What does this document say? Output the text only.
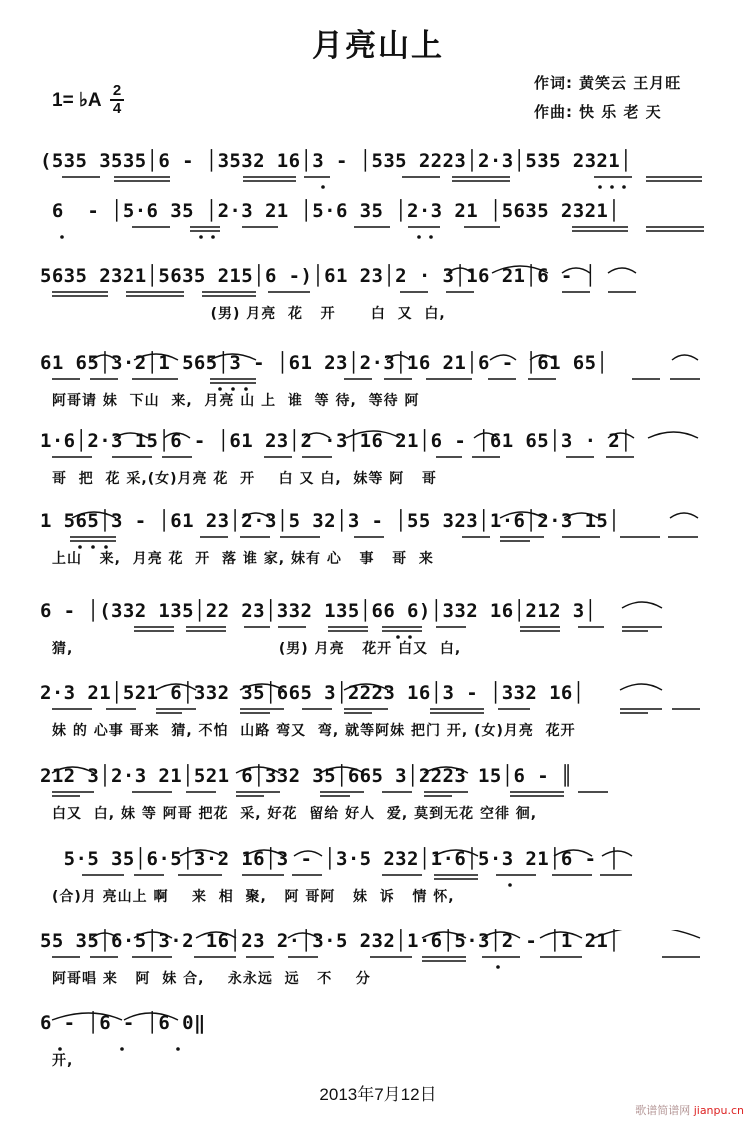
月亮山上
1= ♭A 2
4
作词: 黄笑云 王月旺
作曲: 快 乐 老 天
(535 3535│6 - │3532 16│3 - │535 2223│2·3│535 2321│
6  - │5·6 35 │2·3 21 │5·6 35 │2·3 21 │5635 2321│
5635 2321│5635 215│6 -)│61 23│2 · 3│16 21│6 - │
(男) 月亮  花   开      白  又  白,
61 65│3·2│1 565│3 - │61 23│2·3│16 21│6 - │61 65│
阿哥请 妹  下山  来,  月亮 山 上  谁  等 待,  等待 阿
1·6│2·3 15│6 - │61 23│2 ·3│16 21│6 - │61 65│3 · 2│
哥  把  花 采,(女)月亮 花  开    白 又 白,  妹等 阿   哥
1 565│3 - │61 23│2·3│5 32│3 - │55 323│1·6│2·3 15│
上山   来,  月亮 花  开  落 谁 家, 妹有 心   事   哥  来
6 - │(332 135│22 23│332 135│66 6)│332 16│212 3│
猜,                                   (男) 月亮   花开 白又  白,
2·3 21│521 6│332 35│665 3│2223 16│3 - │332 16│
妹 的 心事 哥来  猜, 不怕  山路 弯又  弯, 就等阿妹 把门 开, (女)月亮  花开
212 3│2·3 21│521 6│332 35│665 3│2223 15│6 - ║
白又  白, 妹 等 阿哥 把花  采, 好花  留给 好人  爱, 莫到无花 空徘 徊,
5·5 35│6·5│3·2 16│3 - │3·5 232│1·6│5·3 21│6 - │
(合)月 亮山上 啊    来  相  聚,   阿 哥阿   妹  诉   情 怀,
55 35│6·5│3·2 16│23 2·│3·5 232│1·6│5·3│2 - │1 21│
阿哥唱 来   阿  妹 合,    永永远  远   不    分
6 - │6 - │6 0‖
开,
2013年7月12日
歌谱简谱网 jianpu.cn
